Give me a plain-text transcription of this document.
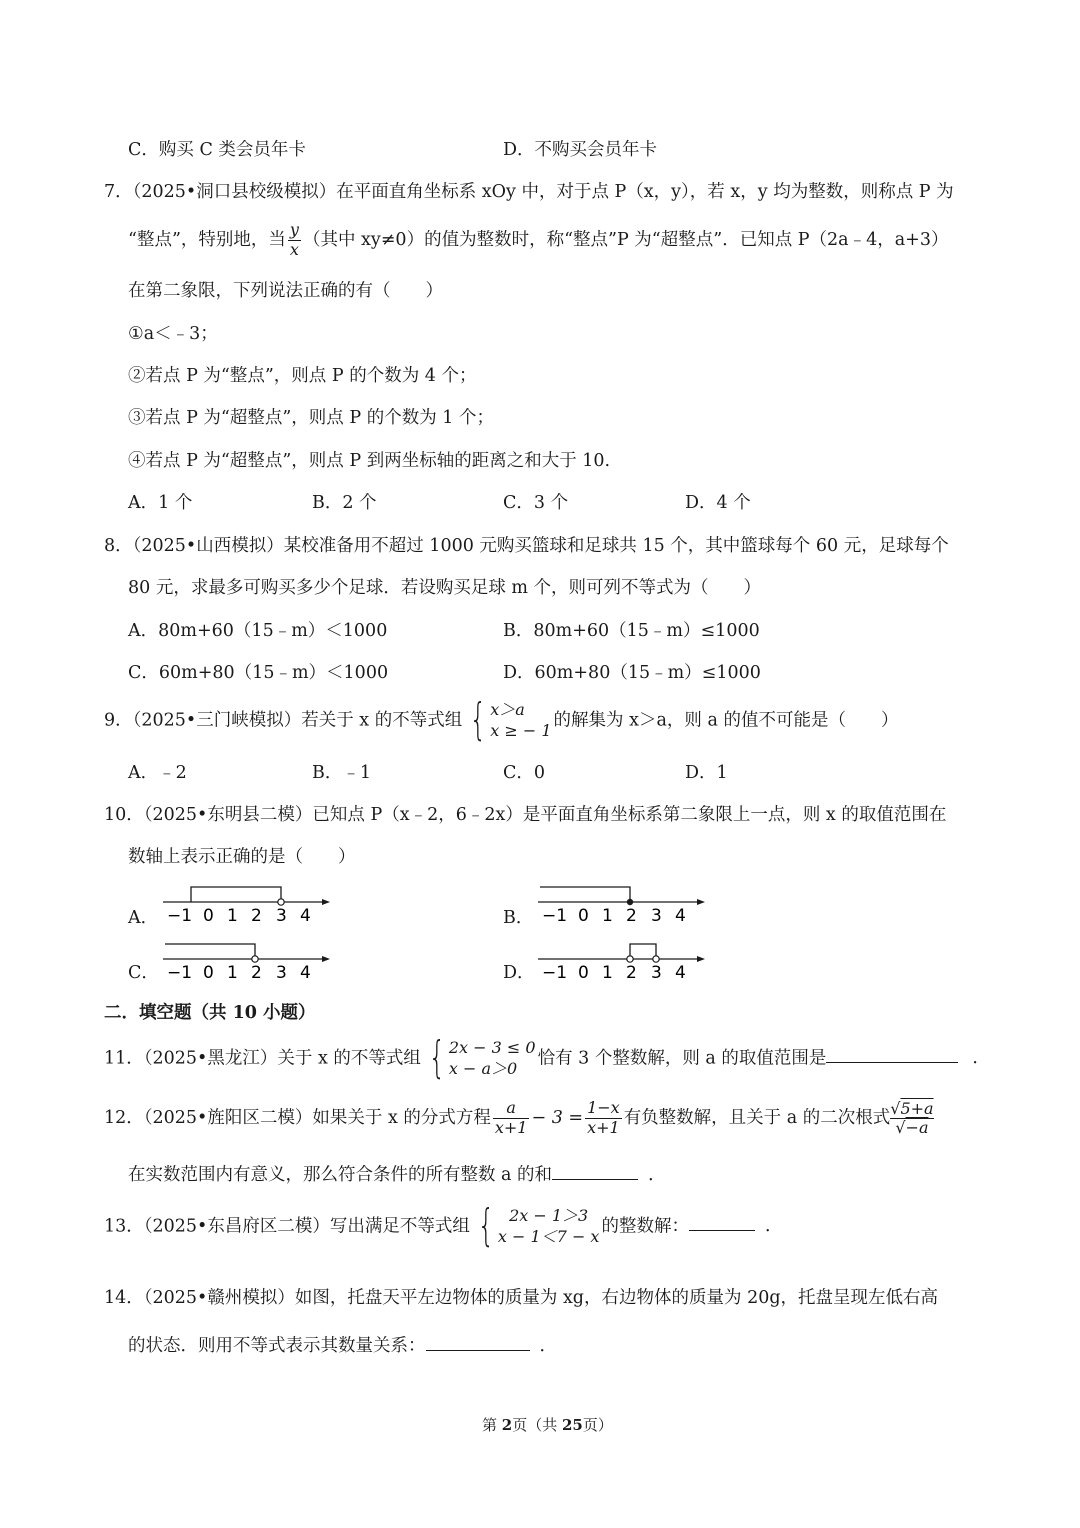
C．购买 C 类会员年卡	D．不购买会员年卡
7．（2025•洞口县校级模拟）在平面直角坐标系 xOy 中，对于点 P（x，y），若 x，y 均为整数，则称点 P 为
“整点”，特别地，当 $\frac{y}{x}$ （其中 xy≠0）的值为整数时，称“整点”P 为“超整点”．已知点 P（2a﹣4，a+3）
在第二象限，下列说法正确的有（　　）
①a＜﹣3；
②若点 P 为“整点”，则点 P 的个数为 4 个；
③若点 P 为“超整点”，则点 P 的个数为 1 个；
④若点 P 为“超整点”，则点 P 到两坐标轴的距离之和大于 10.
A．1 个	B．2 个	C．3 个	D．4 个
8．（2025•山西模拟）某校准备用不超过 1000 元购买篮球和足球共 15 个，其中篮球每个 60 元，足球每个
80 元，求最多可购买多少个足球．若设购买足球 m 个，则可列不等式为（　　）
A．80m+60（15﹣m）＜1000	B．80m+60（15﹣m）≤1000
C．60m+80（15﹣m）＜1000	D．60m+80（15﹣m）≤1000
9．（2025•三门峡模拟）若关于 x 的不等式组 { x＞a
x ≥ − 1 的解集为 x＞a，则 a 的值不可能是（　　）
A．﹣2	B．﹣1	C．0	D．1
10．（2025•东明县二模）已知点 P（x﹣2，6﹣2x）是平面直角坐标系第二象限上一点，则 x 的取值范围在
数轴上表示正确的是（　　）
A．	B．
C．	D．
−1 0 1 2 3 4	−1 0 1 2 3 4
−1 0 1 2 3 4	−1 0 1 2 3 4
二．填空题（共 10 小题）
11．（2025•黑龙江）关于 x 的不等式组 { 2x − 3 ≤ 0
x − a＞0	恰有 3 个整数解，则 a 的取值范围是	．
12．（2025•旌阳区二模）如果关于 x 的分式方程 $\frac{a}{x+1} - 3 = \frac{1-x}{x+1}$ 有负整数解，且关于 a 的二次根式 $\frac{√5+a}{√-a}$
在实数范围内有意义，那么符合条件的所有整数 a 的和	．
13．（2025•东昌府区二模）写出满足不等式组 { 2x − 1＞3
x − 1＜7 − x 的整数解：	．
14．（2025•赣州模拟）如图，托盘天平左边物体的质量为 xg，右边物体的质量为 20g，托盘呈现左低右高
的状态．则用不等式表示其数量关系：	．
第 2页（共 25页）
